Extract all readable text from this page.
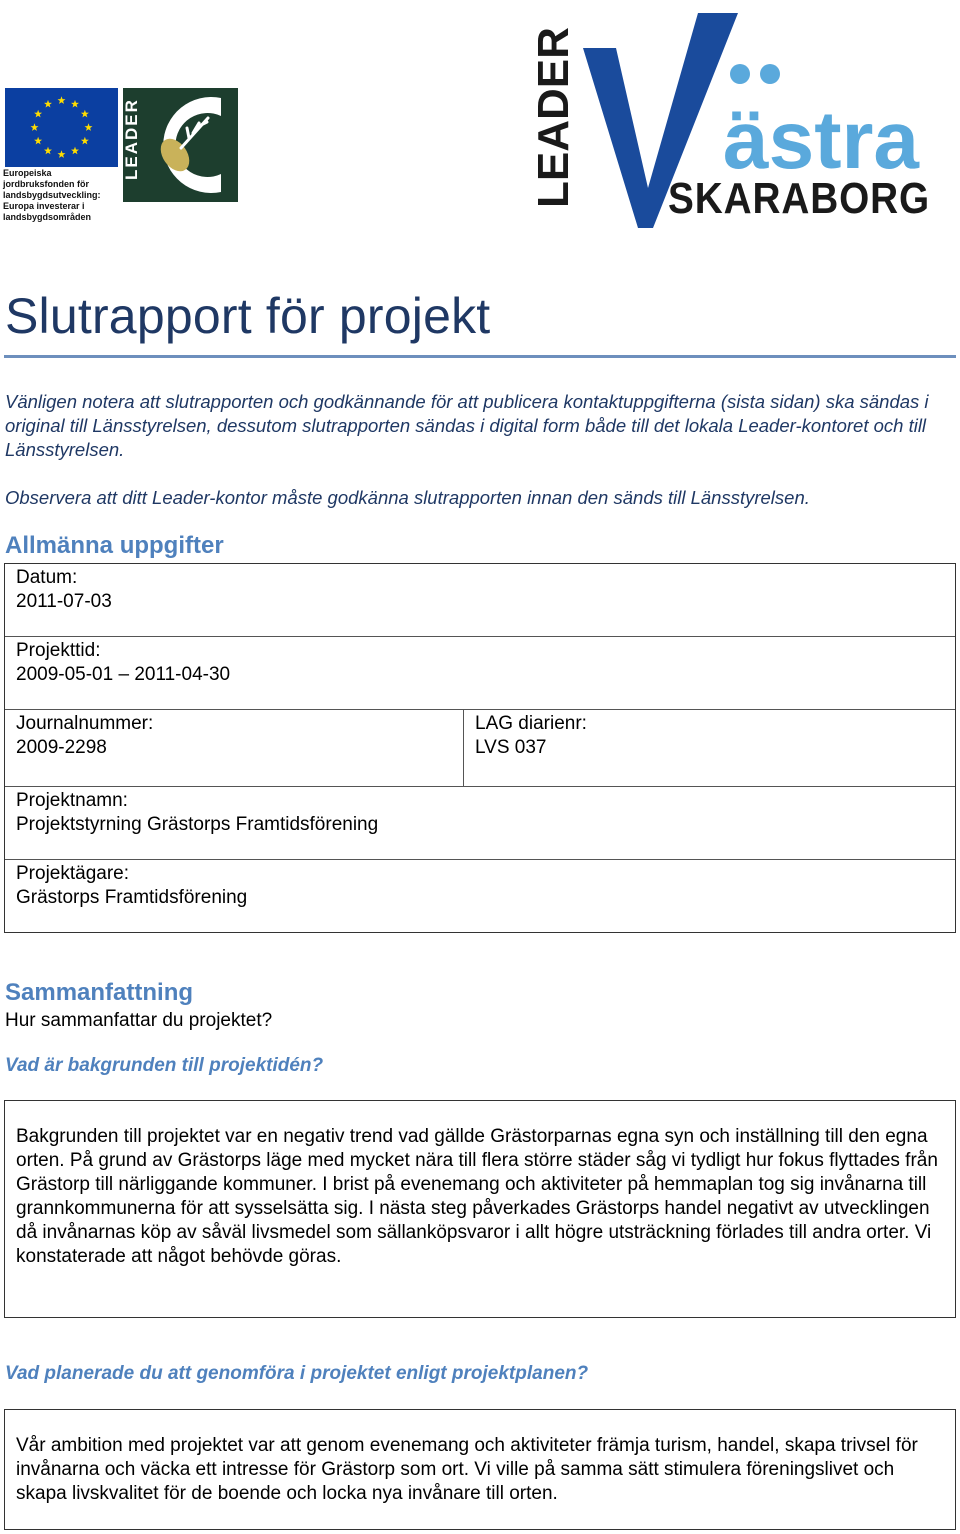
Europeiska jordbruksfonden för landsbygdsutveckling: Europa investerar i landsbygdsområden
LEADER	LEADER ästra
SKARABORG
Slutrapport för projekt
Vänligen notera att slutrapporten och godkännande för att publicera kontaktuppgifterna (sista sidan) ska sändas i original till Länsstyrelsen, dessutom slutrapporten sändas i digital form både till det lokala Leader-kontoret och till Länsstyrelsen.
Observera att ditt Leader-kontor måste godkänna slutrapporten innan den sänds till Länsstyrelsen.
Allmänna uppgifter
Datum:
2011-07-03
Projekttid:
2009-05-01 – 2011-04-30
Journalnummer:
2009-2298
LAG diarienr:
LVS 037
Projektnamn:
Projektstyrning Grästorps Framtidsförening
Projektägare:
Grästorps Framtidsförening
Sammanfattning
Hur sammanfattar du projektet?
Vad är bakgrunden till projektidén?
Bakgrunden till projektet var en negativ trend vad gällde Grästorparnas egna syn och inställning till den egna orten. På grund av Grästorps läge med mycket nära till flera större städer såg vi tydligt hur fokus flyttades från Grästorp till närliggande kommuner. I brist på evenemang och aktiviteter på hemmaplan tog sig invånarna till grannkommunerna för att sysselsätta sig. I nästa steg påverkades Grästorps handel negativt av utvecklingen då invånarnas köp av såväl livsmedel som sällanköpsvaror i allt högre utsträckning förlades till andra orter. Vi konstaterade att något behövde göras.
Vad planerade du att genomföra i projektet enligt projektplanen?
Vår ambition med projektet var att genom evenemang och aktiviteter främja turism, handel, skapa trivsel för invånarna och väcka ett intresse för Grästorp som ort. Vi ville på samma sätt stimulera föreningslivet och skapa livskvalitet för de boende och locka nya invånare till orten.
